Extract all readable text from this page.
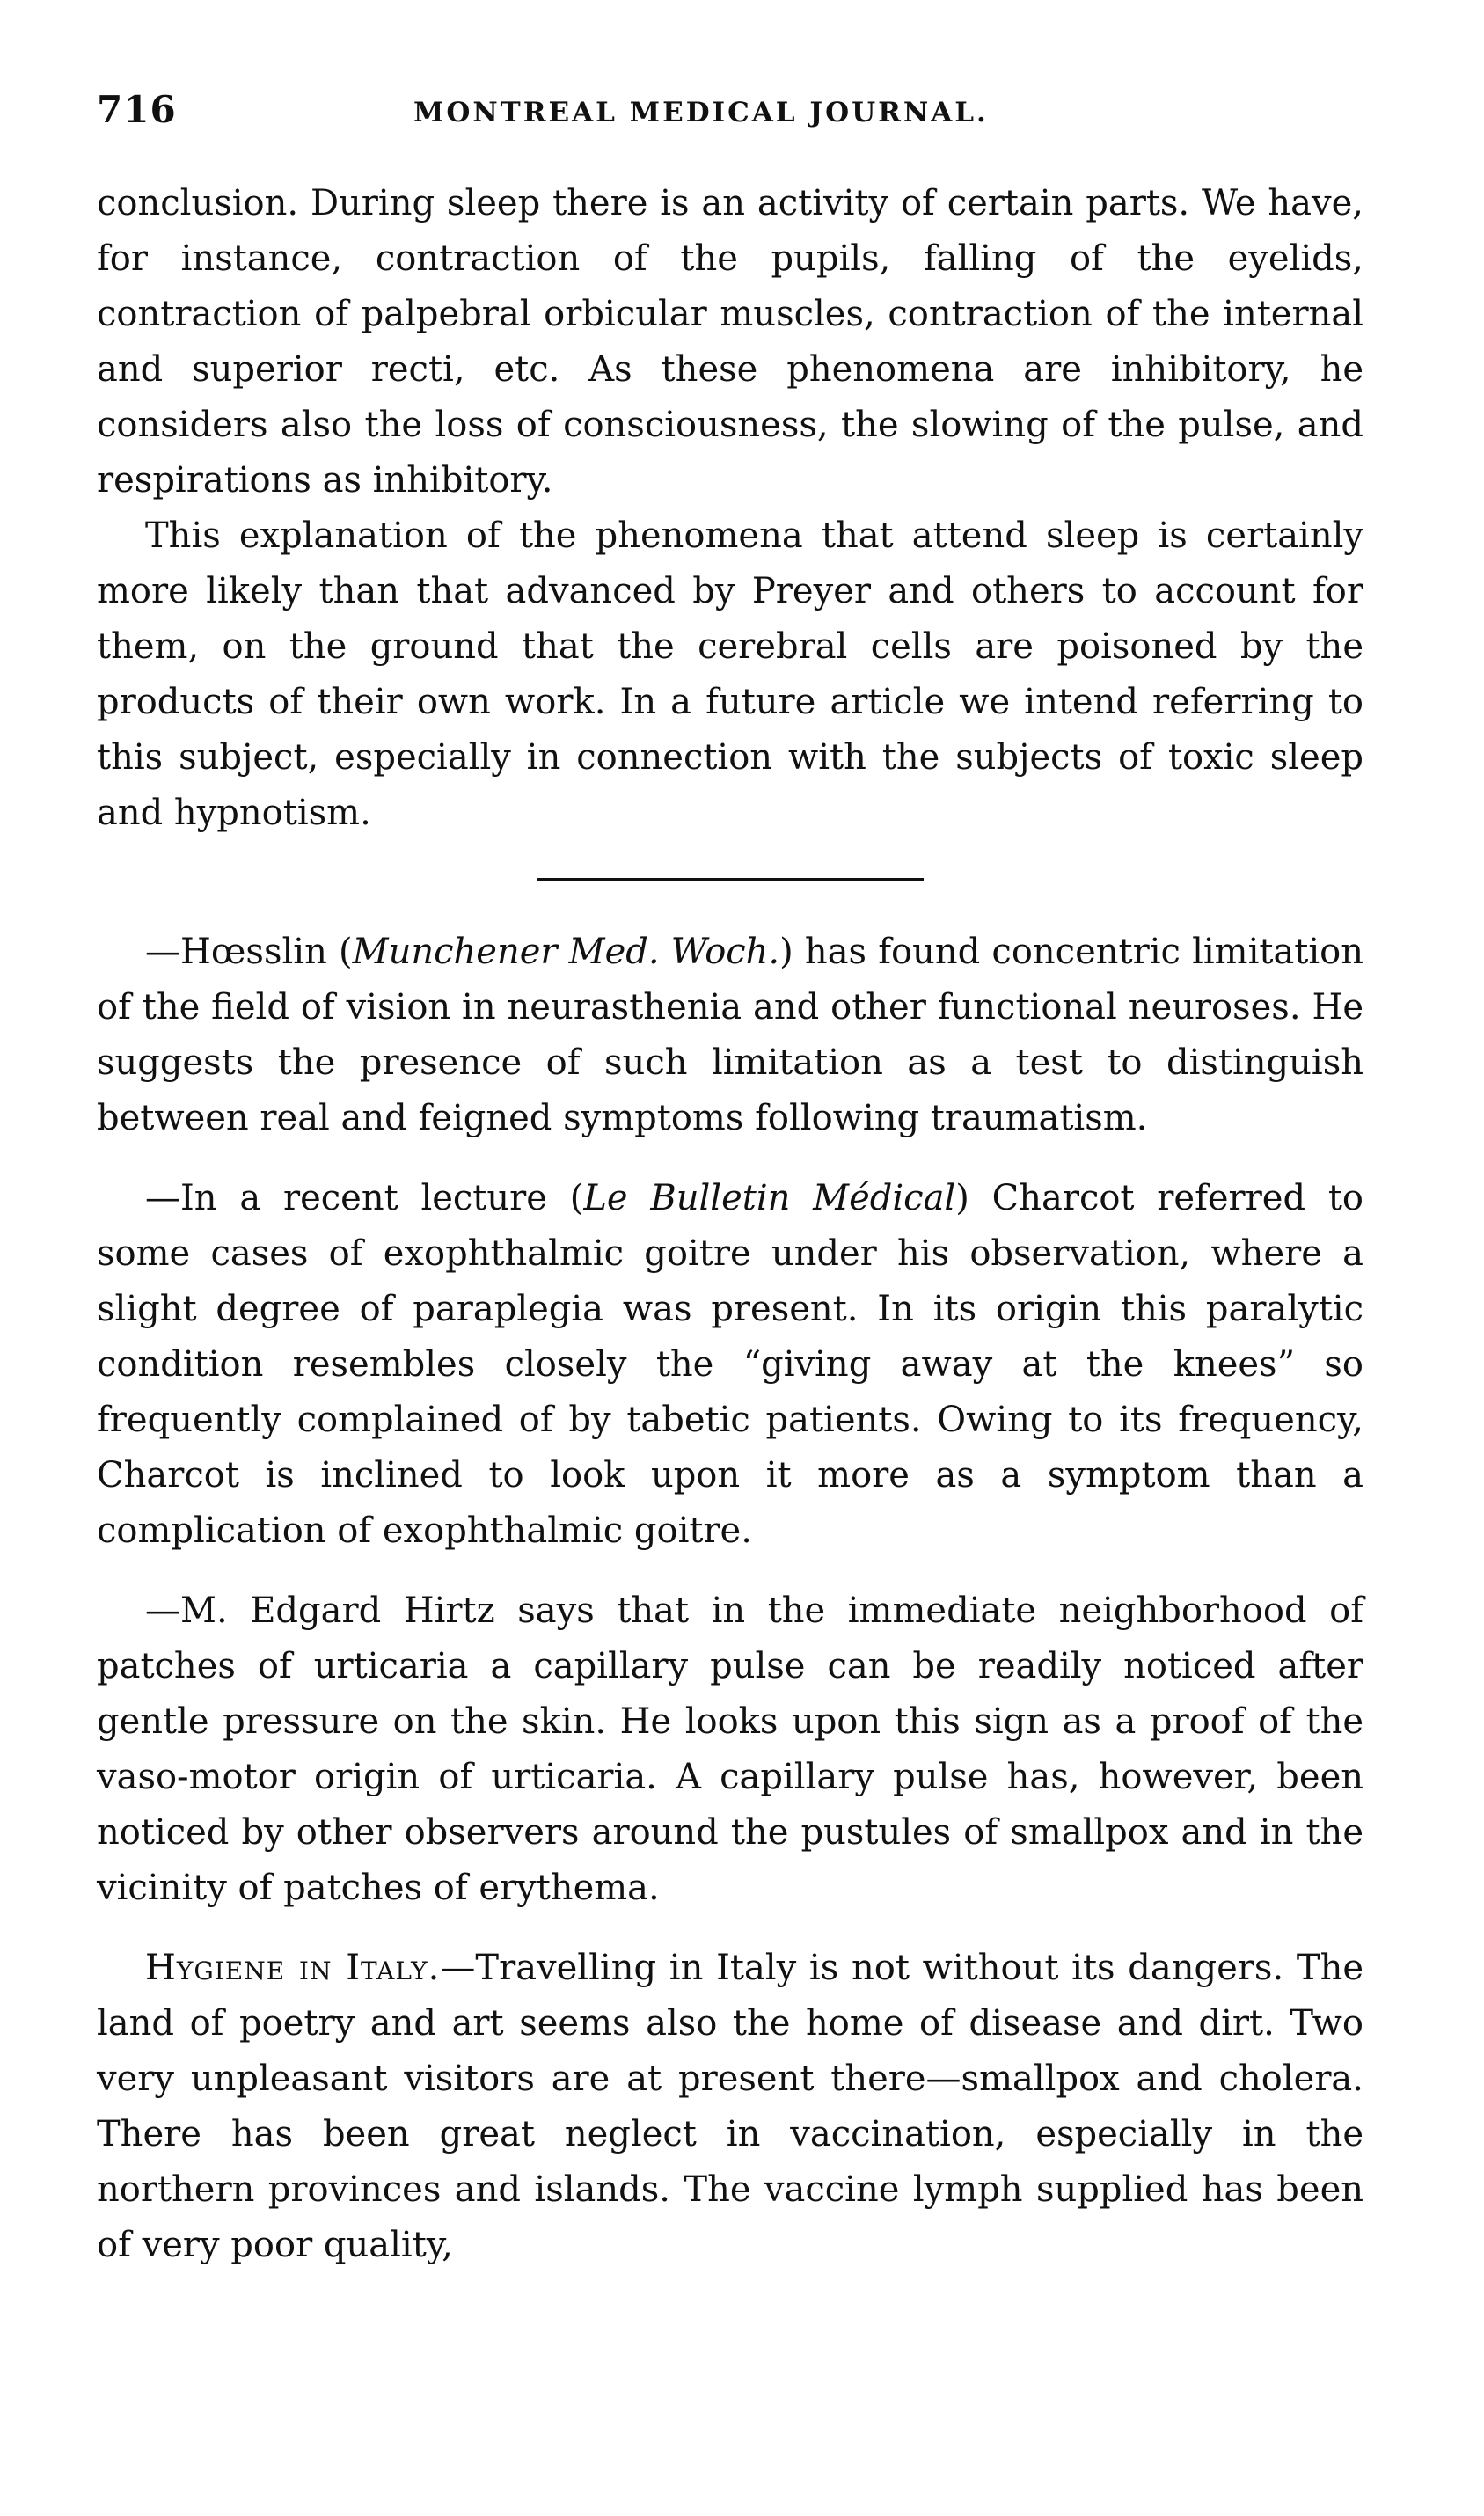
716	MONTREAL MEDICAL JOURNAL.

conclusion. During sleep there is an activity of certain parts. We have, for instance, contraction of the pupils, falling of the eyelids, contraction of palpebral orbicular muscles, contraction of the internal and superior recti, etc. As these phenomena are inhibitory, he considers also the loss of consciousness, the slowing of the pulse, and respirations as inhibitory.

This explanation of the phenomena that attend sleep is certainly more likely than that advanced by Preyer and others to account for them, on the ground that the cerebral cells are poisoned by the products of their own work. In a future article we intend referring to this subject, especially in connection with the subjects of toxic sleep and hypnotism.

—Hœsslin (Munchener Med. Woch.) has found concentric limitation of the field of vision in neurasthenia and other functional neuroses. He suggests the presence of such limitation as a test to distinguish between real and feigned symptoms following traumatism.

—In a recent lecture (Le Bulletin Médical) Charcot referred to some cases of exophthalmic goitre under his observation, where a slight degree of paraplegia was present. In its origin this paralytic condition resembles closely the “giving away at the knees” so frequently complained of by tabetic patients. Owing to its frequency, Charcot is inclined to look upon it more as a symptom than a complication of exophthalmic goitre.

—M. Edgard Hirtz says that in the immediate neighborhood of patches of urticaria a capillary pulse can be readily noticed after gentle pressure on the skin. He looks upon this sign as a proof of the vaso-motor origin of urticaria. A capillary pulse has, however, been noticed by other observers around the pustules of smallpox and in the vicinity of patches of erythema.

Hygiene in Italy.—Travelling in Italy is not without its dangers. The land of poetry and art seems also the home of disease and dirt. Two very unpleasant visitors are at present there—smallpox and cholera. There has been great neglect in vaccination, especially in the northern provinces and islands. The vaccine lymph supplied has been of very poor quality,
